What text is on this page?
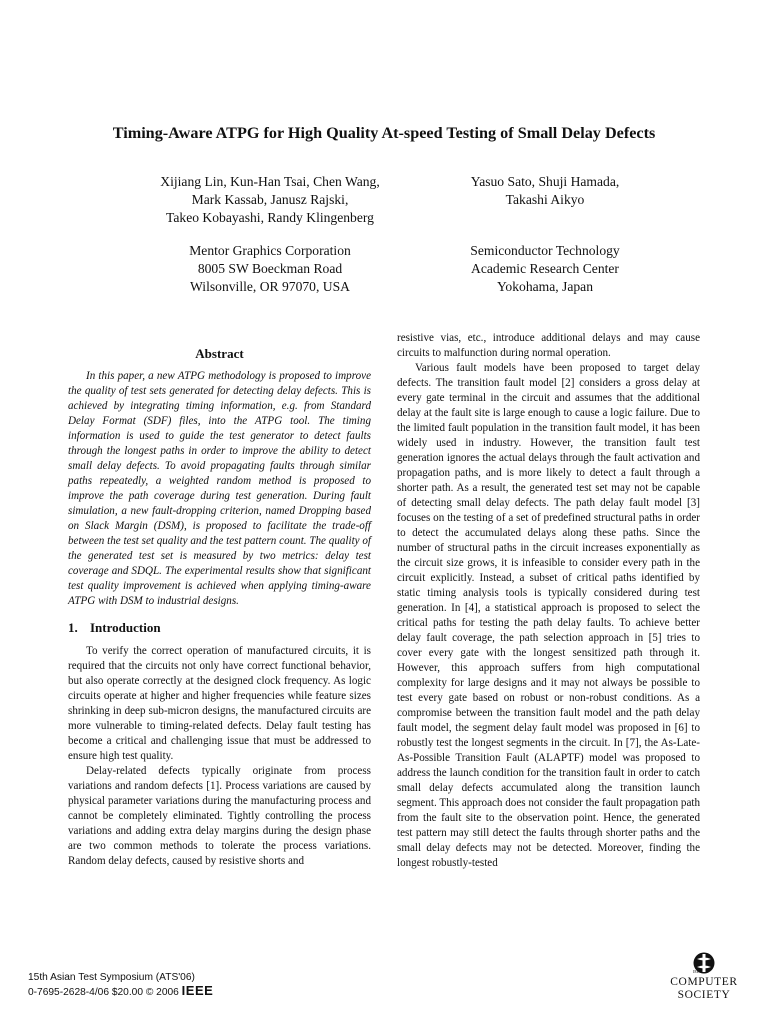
Timing-Aware ATPG for High Quality At-speed Testing of Small Delay Defects
Xijiang Lin, Kun-Han Tsai, Chen Wang,
Mark Kassab, Janusz Rajski,
Takeo Kobayashi, Randy Klingenberg
Yasuo Sato, Shuji Hamada,
Takashi Aikyo
Mentor Graphics Corporation
8005 SW Boeckman Road
Wilsonville, OR 97070, USA
Semiconductor Technology
Academic Research Center
Yokohama, Japan
Abstract

In this paper, a new ATPG methodology is proposed to improve the quality of test sets generated for detecting delay defects. This is achieved by integrating timing information, e.g. from Standard Delay Format (SDF) files, into the ATPG tool. The timing information is used to guide the test generator to detect faults through the longest paths in order to improve the ability to detect small delay defects. To avoid propagating faults through similar paths repeatedly, a weighted random method is proposed to improve the path coverage during test generation. During fault simulation, a new fault-dropping criterion, named Dropping based on Slack Margin (DSM), is proposed to facilitate the trade-off between the test set quality and the test pattern count. The quality of the generated test set is measured by two metrics: delay test coverage and SDQL. The experimental results show that significant test quality improvement is achieved when applying timing-aware ATPG with DSM to industrial designs.

1. Introduction

To verify the correct operation of manufactured circuits, it is required that the circuits not only have correct functional behavior, but also operate correctly at the designed clock frequency. As logic circuits operate at higher and higher frequencies while feature sizes shrinking in deep sub-micron designs, the manufactured circuits are more vulnerable to timing-related defects. Delay fault testing has become a critical and challenging issue that must be addressed to ensure high test quality.

Delay-related defects typically originate from process variations and random defects [1]. Process variations are caused by physical parameter variations during the manufacturing process and cannot be completely eliminated. Tightly controlling the process variations and adding extra delay margins during the design phase are two common methods to tolerate the process variations. Random delay defects, caused by resistive shorts and

resistive vias, etc., introduce additional delays and may cause circuits to malfunction during normal operation.

Various fault models have been proposed to target delay defects. The transition fault model [2] considers a gross delay at every gate terminal in the circuit and assumes that the additional delay at the fault site is large enough to cause a logic failure. Due to the limited fault population in the transition fault model, it has been widely used in industry. However, the transition fault test generation ignores the actual delays through the fault activation and propagation paths, and is more likely to detect a fault through a shorter path. As a result, the generated test set may not be capable of detecting small delay defects. The path delay fault model [3] focuses on the testing of a set of predefined structural paths in order to detect the accumulated delays along these paths. Since the number of structural paths in the circuit increases exponentially as the circuit size grows, it is infeasible to consider every path in the circuit explicitly. Instead, a subset of critical paths identified by static timing analysis tools is typically considered during test generation. In [4], a statistical approach is proposed to select the critical paths for testing the path delay faults. To achieve better delay fault coverage, the path selection approach in [5] tries to cover every gate with the longest sensitized path through it. However, this approach suffers from high computational complexity for large designs and it may not always be possible to test every gate based on robust or non-robust conditions. As a compromise between the transition fault model and the path delay fault model, the segment delay fault model was proposed in [6] to robustly test the longest segments in the circuit. In [7], the As-Late-As-Possible Transition Fault (ALAPTF) model was proposed to address the launch condition for the transition fault in order to catch small delay defects accumulated along the transition launch segment. This approach does not consider the fault propagation path from the fault site to the observation point. Hence, the generated test pattern may still detect the faults through shorter paths and the small delay defects may not be detected. Moreover, finding the longest robustly-tested

15th Asian Test Symposium (ATS'06)
0-7695-2628-4/06 $20.00 © 2006 IEEE
IEEE
COMPUTER
SOCIETY
